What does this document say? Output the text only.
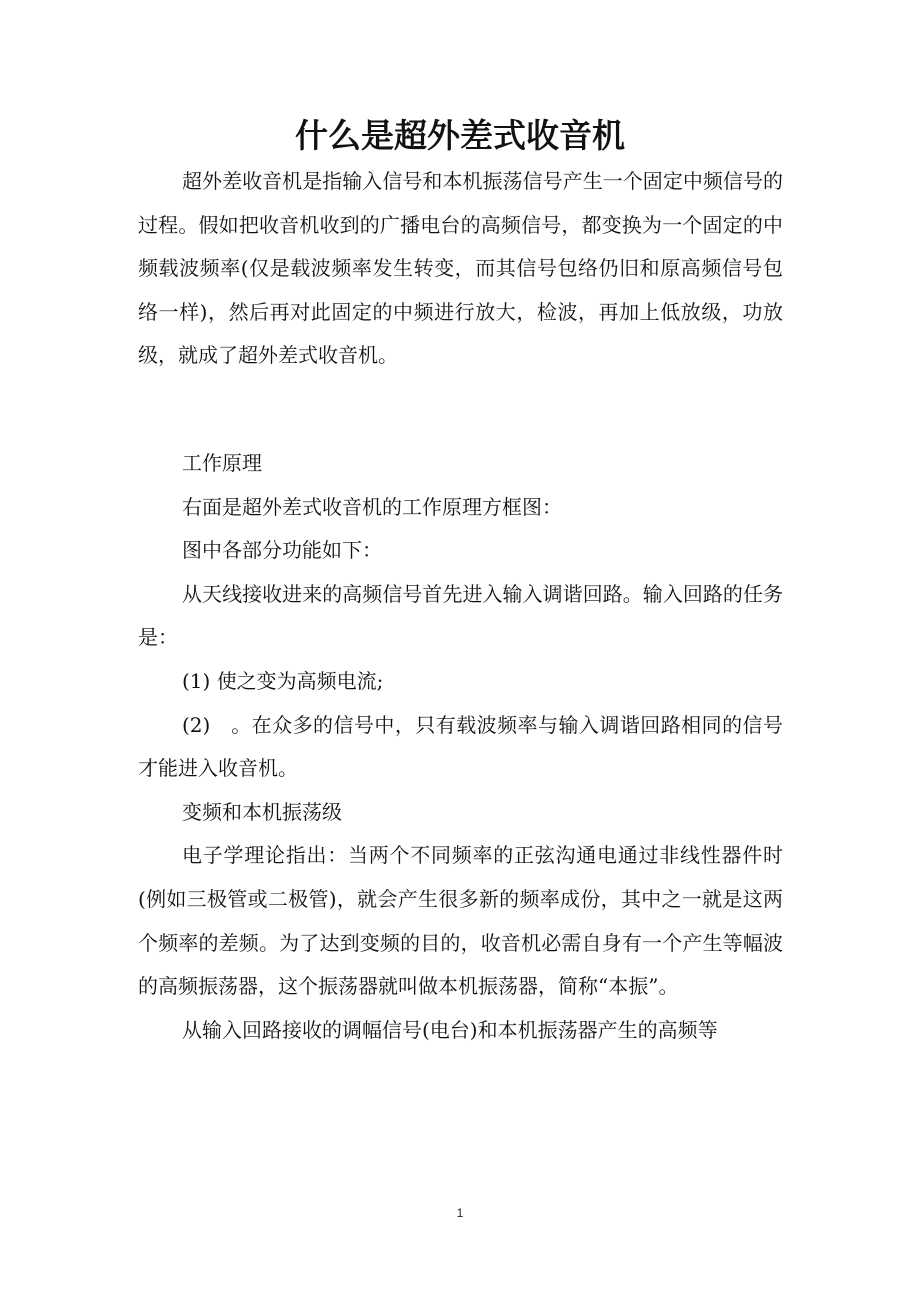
什么是超外差式收音机

超外差收音机是指输入信号和本机振荡信号产生一个固定中频信号的过程。假如把收音机收到的广播电台的高频信号，都变换为一个固定的中频载波频率(仅是载波频率发生转变，而其信号包络仍旧和原高频信号包络一样)，然后再对此固定的中频进行放大，检波，再加上低放级，功放级，就成了超外差式收音机。

工作原理

右面是超外差式收音机的工作原理方框图：

图中各部分功能如下：

从天线接收进来的高频信号首先进入输入调谐回路。输入回路的任务是：

(1) 使之变为高频电流;

(2)　。在众多的信号中，只有载波频率与输入调谐回路相同的信号才能进入收音机。

变频和本机振荡级

电子学理论指出：当两个不同频率的正弦沟通电通过非线性器件时(例如三极管或二极管)，就会产生很多新的频率成份，其中之一就是这两个频率的差频。为了达到变频的目的，收音机必需自身有一个产生等幅波的高频振荡器，这个振荡器就叫做本机振荡器，简称“本振”。

从输入回路接收的调幅信号(电台)和本机振荡器产生的高频等

1
